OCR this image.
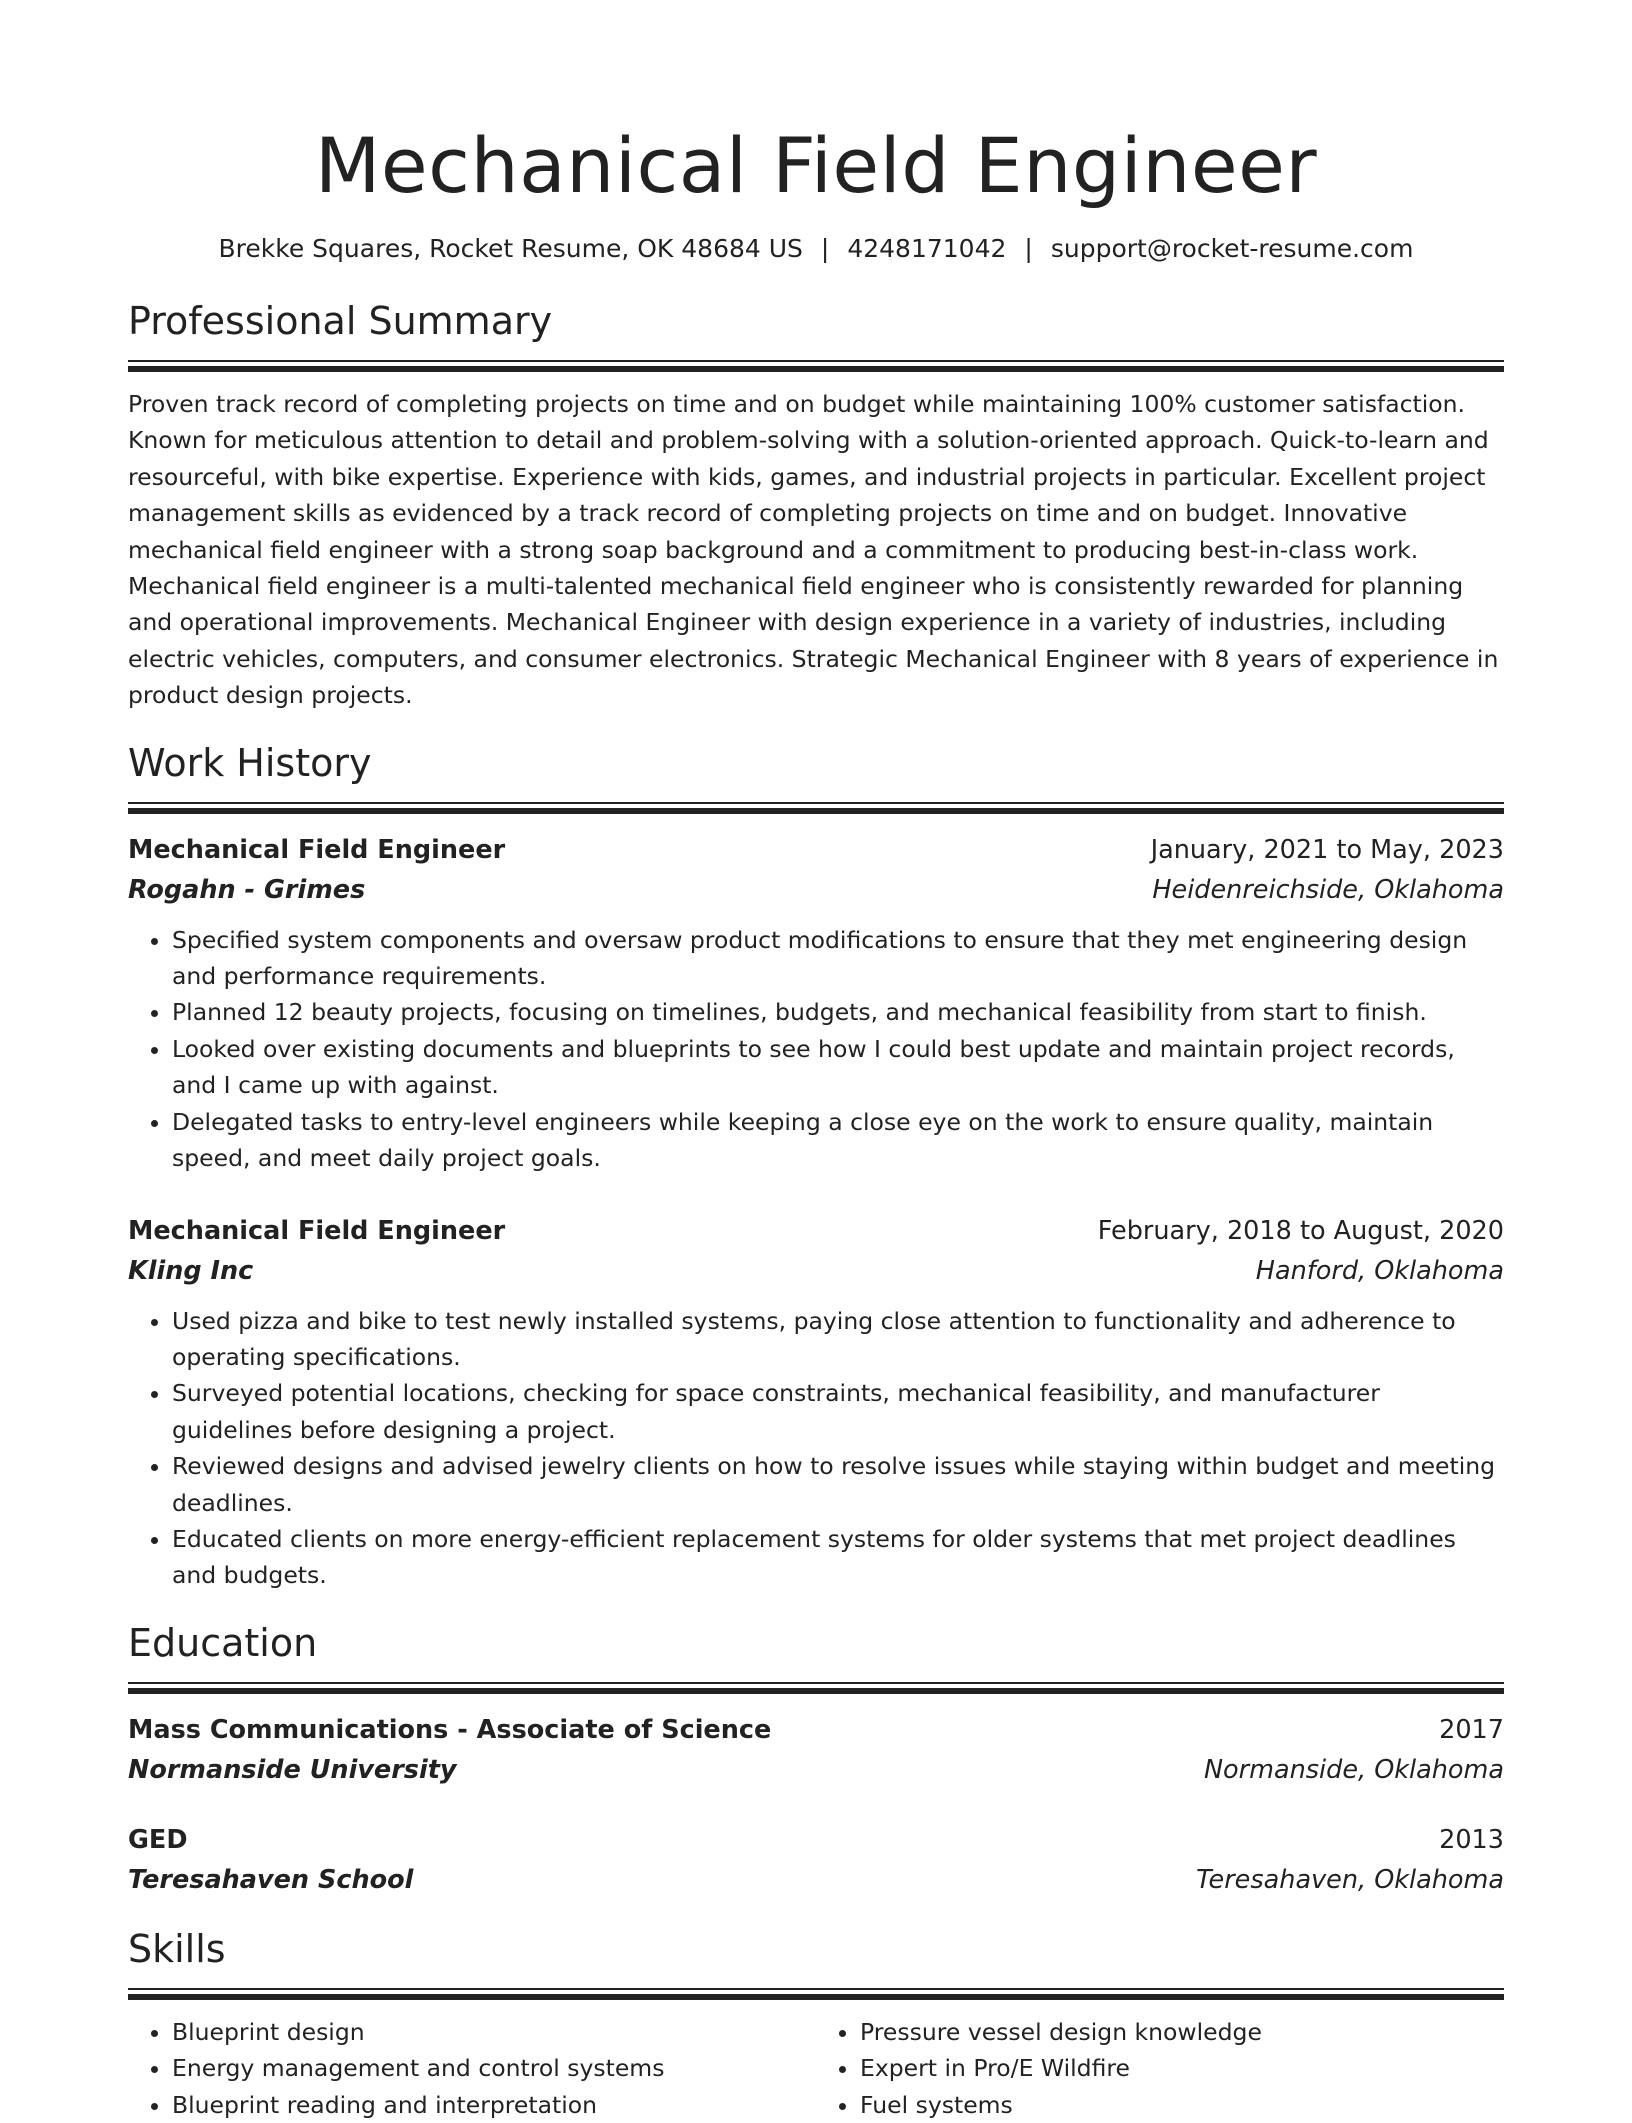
Mechanical Field Engineer
Brekke Squares, Rocket Resume, OK 48684 US | 4248171042 | support@rocket-resume.com
Professional Summary
Proven track record of completing projects on time and on budget while maintaining 100% customer satisfaction. Known for meticulous attention to detail and problem-solving with a solution-oriented approach. Quick-to-learn and resourceful, with bike expertise. Experience with kids, games, and industrial projects in particular. Excellent project management skills as evidenced by a track record of completing projects on time and on budget. Innovative mechanical field engineer with a strong soap background and a commitment to producing best-in-class work. Mechanical field engineer is a multi-talented mechanical field engineer who is consistently rewarded for planning and operational improvements. Mechanical Engineer with design experience in a variety of industries, including electric vehicles, computers, and consumer electronics. Strategic Mechanical Engineer with 8 years of experience in product design projects.
Work History
Mechanical Field Engineer	January, 2021 to May, 2023
Rogahn - Grimes	Heidenreichside, Oklahoma
• Specified system components and oversaw product modifications to ensure that they met engineering design and performance requirements.
• Planned 12 beauty projects, focusing on timelines, budgets, and mechanical feasibility from start to finish.
• Looked over existing documents and blueprints to see how I could best update and maintain project records, and I came up with against.
• Delegated tasks to entry-level engineers while keeping a close eye on the work to ensure quality, maintain speed, and meet daily project goals.
Mechanical Field Engineer	February, 2018 to August, 2020
Kling Inc	Hanford, Oklahoma
• Used pizza and bike to test newly installed systems, paying close attention to functionality and adherence to operating specifications.
• Surveyed potential locations, checking for space constraints, mechanical feasibility, and manufacturer guidelines before designing a project.
• Reviewed designs and advised jewelry clients on how to resolve issues while staying within budget and meeting deadlines.
• Educated clients on more energy-efficient replacement systems for older systems that met project deadlines and budgets.
Education
Mass Communications - Associate of Science	2017
Normanside University	Normanside, Oklahoma
GED	2013
Teresahaven School	Teresahaven, Oklahoma
Skills
• Blueprint design
• Energy management and control systems
• Blueprint reading and interpretation
• Pressure vessel design knowledge
• Expert in Pro/E Wildfire
• Fuel systems
